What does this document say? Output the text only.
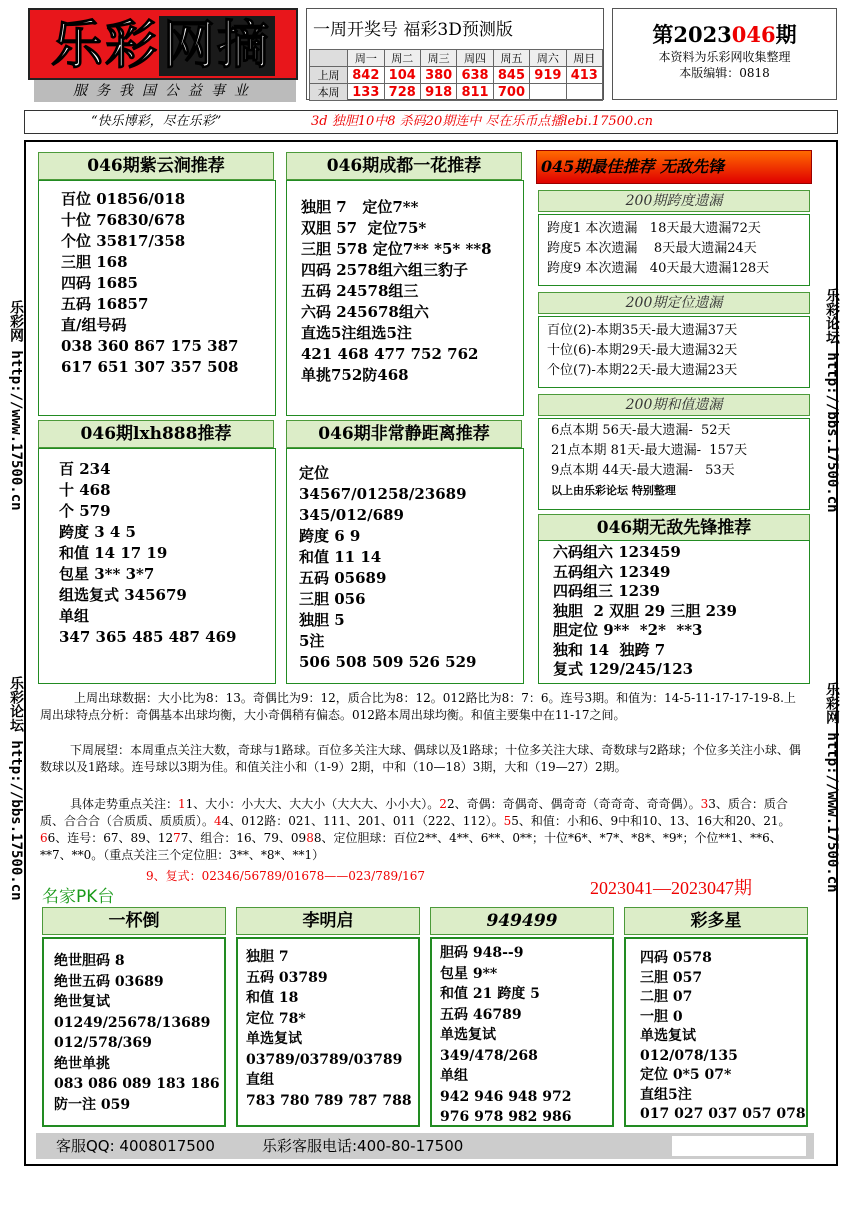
乐彩网摘
服务我国公益事业
一周开奖号 福彩3D预测版
	周一	周二	周三	周四	周五	周六	周日
上周	842	104	380	638	845	919	413
本周	133	728	918	811	700		
第2023046期
本资料为乐彩网收集整理
本版编辑：0818
“快乐博彩，尽在乐彩”	3d 独胆10中8 杀码20期连中 尽在乐币点播lebi.17500.cn
乐彩网 http://www.17500.cn
乐彩论坛 http://bbs.17500.cn
乐彩论坛 http://bbs.17500.cn
乐彩网 http://www.17500.cn
046期紫云涧推荐
百位 01856/018
十位 76830/678
个位 35817/358
三胆 168
四码 1685
五码 16857
直/组号码
038 360 867 175 387
617 651 307 357 508
046期成都一花推荐
独胆 7   定位7**
双胆 57  定位75*
三胆 578 定位7** *5* **8
四码 2578组六组三豹子
五码 24578组三
六码 245678组六
直选5注组选5注
421 468 477 752 762
单挑752防468
046期lxh888推荐
百 234
十 468
个 579
跨度 3 4 5
和值 14 17 19
包星 3** 3*7
组选复式 345679
单组
347 365 485 487 469
046期非常静距离推荐
定位
34567/01258/23689
345/012/689
跨度 6 9
和值 11 14
五码 05689
三胆 056
独胆 5
5注
506 508 509 526 529
045期最佳推荐 无敌先锋
200期跨度遗漏
跨度1 本次遗漏   18天最大遗漏72天
跨度5 本次遗漏    8天最大遗漏24天
跨度9 本次遗漏   40天最大遗漏128天
200期定位遗漏
百位(2)-本期35天-最大遗漏37天
十位(6)-本期29天-最大遗漏32天
个位(7)-本期22天-最大遗漏23天
200期和值遗漏
6点本期 56天-最大遗漏-  52天
21点本期 81天-最大遗漏-  157天
9点本期 44天-最大遗漏-   53天
以上由乐彩论坛 特别整理
046期无敌先锋推荐
六码组六 123459
五码组六 12349
四码组三 1239
独胆  2 双胆 29 三胆 239
胆定位 9**  *2*  **3
独和 14  独跨 7
复式 129/245/123
上周出球数据：大小比为8：13。奇偶比为9：12，质合比为8：12。012路比为8：7：6。连号3期。和值为：14-5-11-17-17-19-8.上周出球特点分析：奇偶基本出球均衡，大小奇偶稍有偏态。012路本周出球均衡。和值主要集中在11-17之间。
下周展望：本周重点关注大数，奇球与1路球。百位多关注大球、偶球以及1路球；十位多关注大球、奇数球与2路球；个位多关注小球、偶数球以及1路球。连号球以3期为佳。和值关注小和（1-9）2期，中和（10—18）3期，大和（19—27）2期。
具体走势重点关注：11、大小：小大大、大大小（大大大、小小大）。22、奇偶：奇偶奇、偶奇奇（奇奇奇、奇奇偶）。33、质合：质合质、合合合（合质质、质质质）。44、012路：021、111、201、011（222、112）。55、和值：小和6、9中和10、13、16大和20、21。66、连号：67、89、1277、组合：16、79、0988、定位胆球：百位2**、4**、6**、0**；十位*6*、*7*、*8*、*9*；个位**1、**6、**7、**0。（重点关注三个定位胆：3**、*8*、**1）
9、复式：02346/56789/01678——023/789/167
名家PK台	2023041—2023047期
一杯倒
绝世胆码 8
绝世五码 03689
绝世复试
01249/25678/13689
012/578/369
绝世单挑
083 086 089 183 186
防一注 059
李明启
独胆 7
五码 03789
和值 18
定位 78*
单选复试
03789/03789/03789
直组
783 780 789 787 788
949499
胆码 948--9
包星 9**
和值 21 跨度 5
五码 46789
单选复试
349/478/268
单组
942 946 948 972
976 978 982 986
彩多星
四码 0578
三胆 057
二胆 07
一胆 0
单选复试
012/078/135
定位 0*5 07*
直组5注
017 027 037 057 078
客服QQ: 4008017500	乐彩客服电话:400-80-17500
